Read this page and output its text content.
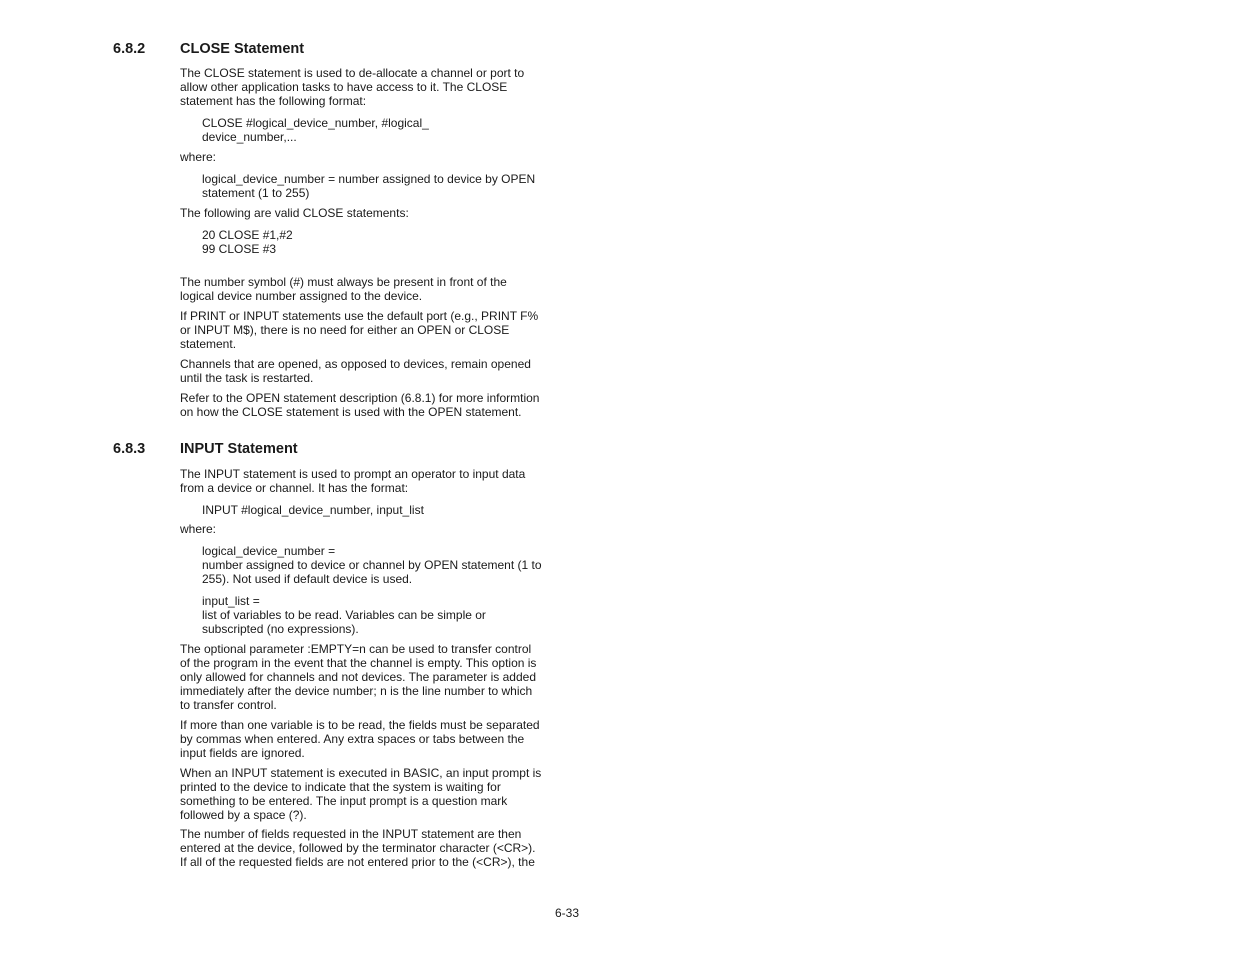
6.8.2 CLOSE Statement

The CLOSE statement is used to de-allocate a channel or port to
allow other application tasks to have access to it. The CLOSE
statement has the following format:

CLOSE #logical_device_number, #logical_
device_number,...

where:

logical_device_number = number assigned to device by OPEN
statement (1 to 255)

The following are valid CLOSE statements:

20 CLOSE #1,#2
99 CLOSE #3

The number symbol (#) must always be present in front of the
logical device number assigned to the device.

If PRINT or INPUT statements use the default port (e.g., PRINT F%
or INPUT M$), there is no need for either an OPEN or CLOSE
statement.

Channels that are opened, as opposed to devices, remain opened
until the task is restarted.

Refer to the OPEN statement description (6.8.1) for more informtion
on how the CLOSE statement is used with the OPEN statement.

6.8.3 INPUT Statement

The INPUT statement is used to prompt an operator to input data
from a device or channel. It has the format:

INPUT #logical_device_number, input_list

where:

logical_device_number =
number assigned to device or channel by OPEN statement (1 to
255). Not used if default device is used.

input_list =
list of variables to be read. Variables can be simple or
subscripted (no expressions).

The optional parameter :EMPTY=n can be used to transfer control
of the program in the event that the channel is empty. This option is
only allowed for channels and not devices. The parameter is added
immediately after the device number; n is the line number to which
to transfer control.

If more than one variable is to be read, the fields must be separated
by commas when entered. Any extra spaces or tabs between the
input fields are ignored.

When an INPUT statement is executed in BASIC, an input prompt is
printed to the device to indicate that the system is waiting for
something to be entered. The input prompt is a question mark
followed by a space (?).

The number of fields requested in the INPUT statement are then
entered at the device, followed by the terminator character (<CR>).
If all of the requested fields are not entered prior to the (<CR>), the

6-33
